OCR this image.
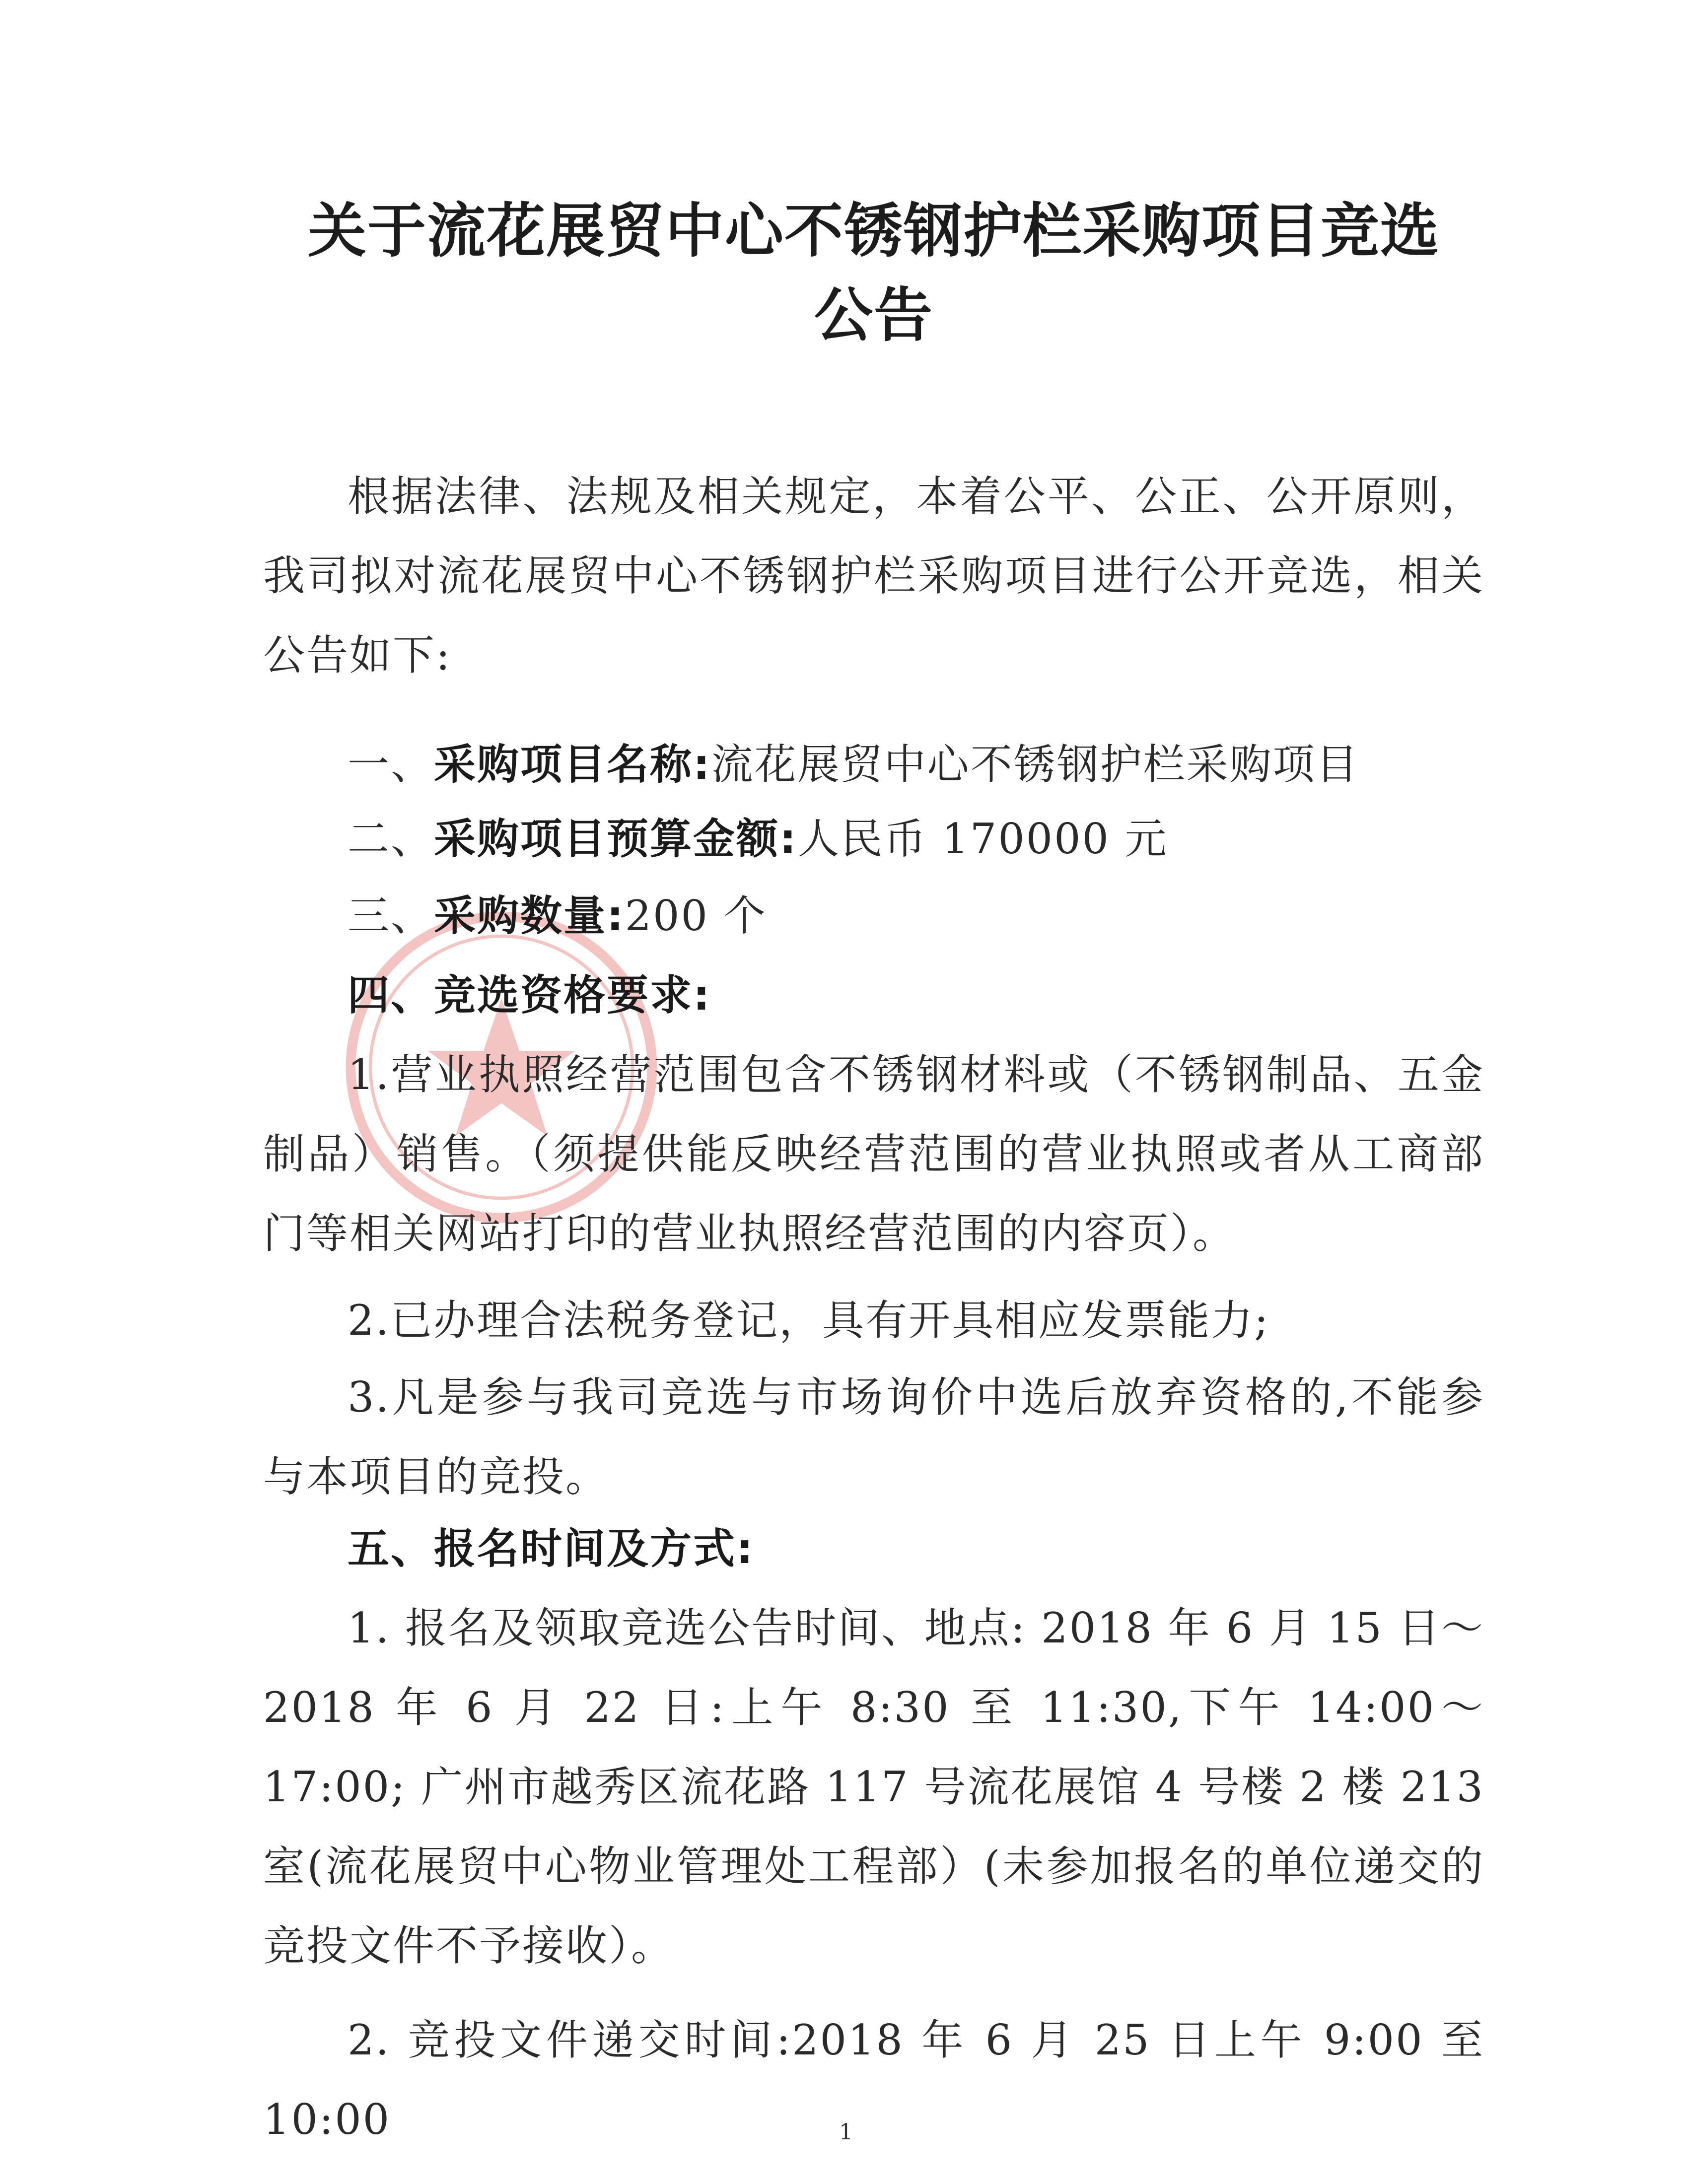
关于流花展贸中心不锈钢护栏采购项目竞选
公告

根据法律、法规及相关规定，本着公平、公正、公开原则，我司拟对流花展贸中心不锈钢护栏采购项目进行公开竞选，相关公告如下:

一、采购项目名称:流花展贸中心不锈钢护栏采购项目

二、采购项目预算金额:人民币 170000 元

三、采购数量:200 个

四、竞选资格要求:

1.营业执照经营范围包含不锈钢材料或（不锈钢制品、五金制品）销售。（须提供能反映经营范围的营业执照或者从工商部门等相关网站打印的营业执照经营范围的内容页）。

2.已办理合法税务登记，具有开具相应发票能力;

3.凡是参与我司竞选与市场询价中选后放弃资格的,不能参与本项目的竞投。

五、报名时间及方式:

1. 报名及领取竞选公告时间、地点: 2018 年 6 月 15 日～2018 年 6 月 22 日:上午 8:30 至 11:30,下午 14:00～17:00; 广州市越秀区流花路 117 号流花展馆 4 号楼 2 楼 213 室(流花展贸中心物业管理处工程部）(未参加报名的单位递交的竞投文件不予接收）。

2. 竞投文件递交时间:2018 年 6 月 25 日上午 9:00 至 10:00	1
